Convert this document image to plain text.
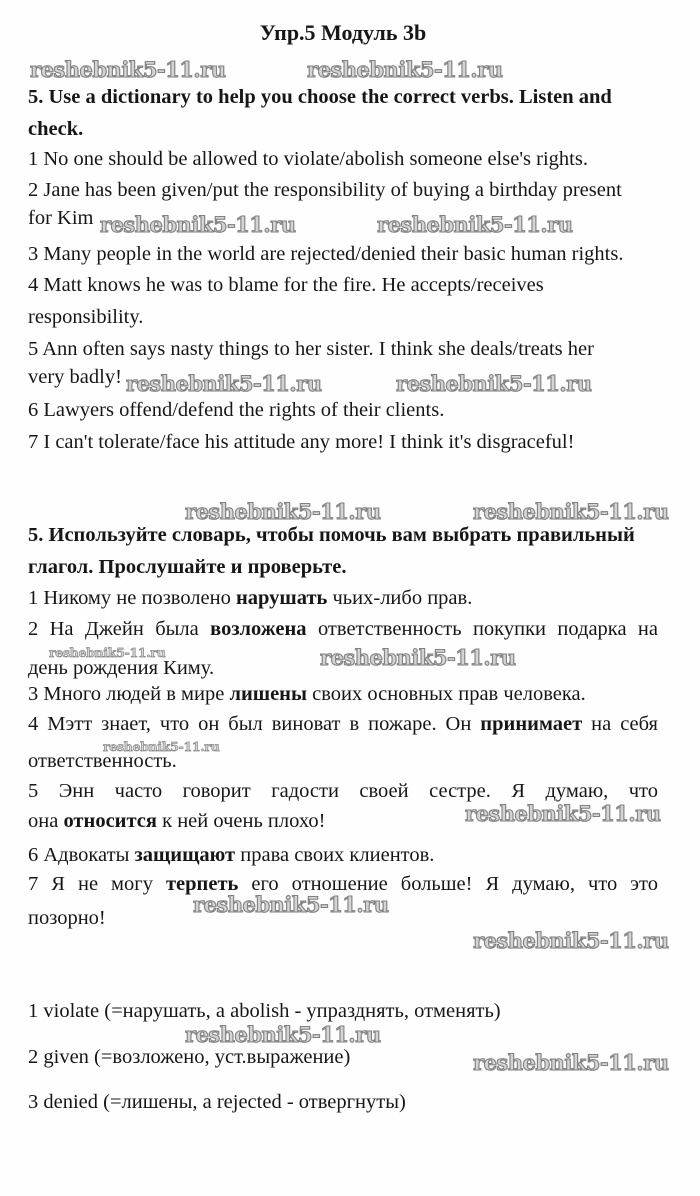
Упр.5 Модуль 3b
reshebnik5-11.ru	reshebnik5-11.ru
5. Use a dictionary to help you choose the correct verbs. Listen and
check.
1 No one should be allowed to violate/abolish someone else's rights.
2 Jane has been given/put the responsibility of buying a birthday present
for Kim reshebnik5-11.ru	reshebnik5-11.ru
3 Many people in the world are rejected/denied their basic human rights.
4 Matt knows he was to blame for the fire. He accepts/receives
responsibility.
5 Ann often says nasty things to her sister. I think she deals/treats her
very badly! reshebnik5-11.ru	reshebnik5-11.ru
6 Lawyers offend/defend the rights of their clients.
7 I can't tolerate/face his attitude any more! I think it's disgraceful!
reshebnik5-11.ru	reshebnik5-11.ru
5. Используйте словарь, чтобы помочь вам выбрать правильный
глагол. Прослушайте и проверьте.
1 Никому не позволено нарушать чьих-либо прав.
2 На Джейн была возложена ответственность покупки подарка на
reshebnik5-11.ru	reshebnik5-11.ru
день рождения Киму.
3 Много людей в мире лишены своих основных прав человека.
4 Мэтт знает, что он был виноват в пожаре. Он принимает на себя
reshebnik5-11.ru
ответственность.
5 Энн часто говорит гадости своей сестре. Я думаю, что
reshebnik5-11.ru
она относится к ней очень плохо!
6 Адвокаты защищают права своих клиентов.
7 Я не могу терпеть его отношение больше! Я думаю, что это
reshebnik5-11.ru
позорно!
reshebnik5-11.ru
1 violate (=нарушать, a abolish - упразднять, отменять)
reshebnik5-11.ru
2 given (=возложено, уст.выражение)	reshebnik5-11.ru
3 denied (=лишены, a rejected - отвергнуты)
